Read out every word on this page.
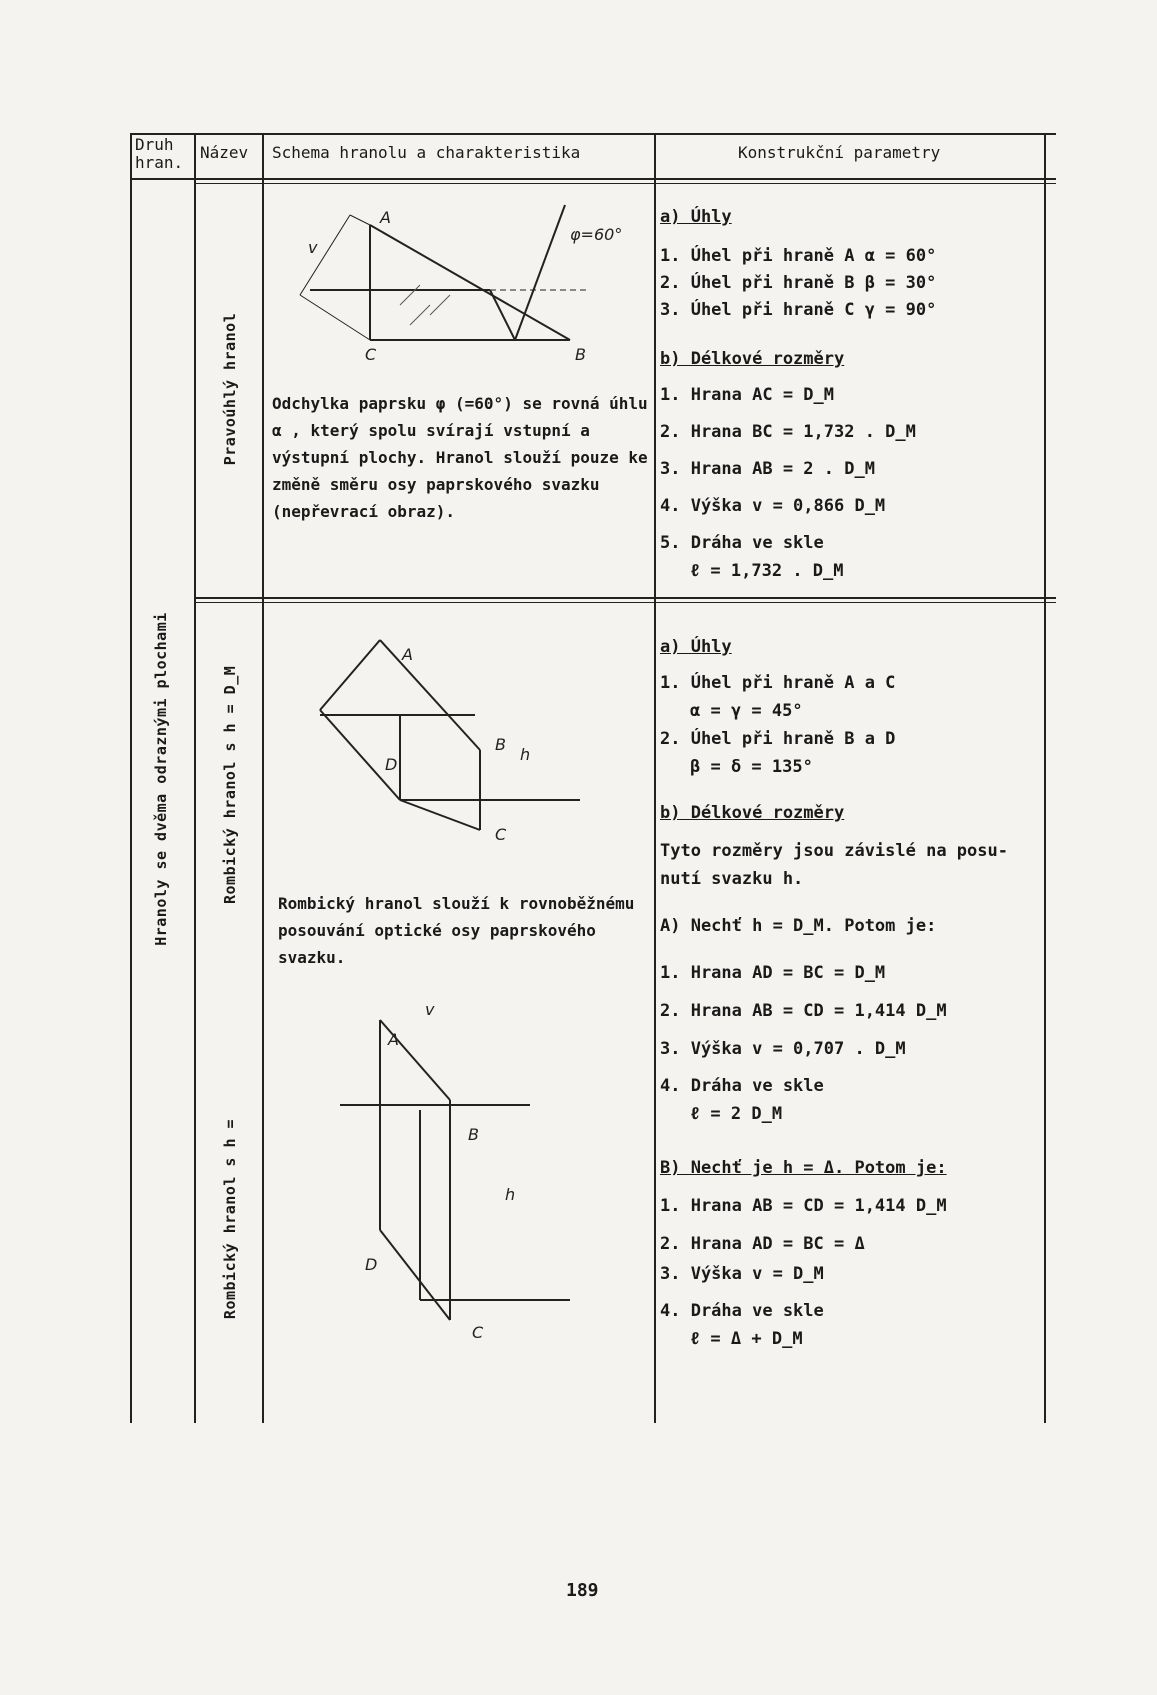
Druh
hran.
Název Schema hranolu a charakteristika	Konstrukční parametry
Hranoly se dvěma odraznými plochami
Pravoúhlý hranol
Rombický hranol s h = D_M
Rombický hranol s h =
A
C	B
v
φ=60°
Odchylka paprsku φ (=60°) se rovná úhlu α , který spolu svírají vstupní a výstupní plochy. Hranol slouží pouze ke změně směru osy paprskového svazku (nepřevrací obraz).
A
B
D
C
h
Rombický hranol slouží k rovnoběžnému posouvání optické osy paprskového svazku.
A
B
D
C
h
v
a) Úhly
1. Úhel při hraně A α = 60°
2. Úhel při hraně B β = 30°
3. Úhel při hraně C γ = 90°
b) Délkové rozměry
1. Hrana AC = D_M
2. Hrana BC = 1,732 . D_M
3. Hrana AB = 2 . D_M
4. Výška v = 0,866 D_M
5. Dráha ve skle
ℓ = 1,732 . D_M
a) Úhly
1. Úhel při hraně A a C
α = γ = 45°
2. Úhel při hraně B a D
β = δ = 135°
b) Délkové rozměry
Tyto rozměry jsou závislé na posu-
nutí svazku h.
A) Nechť h = D_M. Potom je:
1. Hrana AD = BC = D_M
2. Hrana AB = CD = 1,414 D_M
3. Výška v = 0,707 . D_M
4. Dráha ve skle
ℓ = 2 D_M
B) Nechť je h = Δ. Potom je:
1. Hrana AB = CD = 1,414 D_M
2. Hrana AD = BC = Δ
3. Výška v = D_M
4. Dráha ve skle
ℓ = Δ + D_M
189
